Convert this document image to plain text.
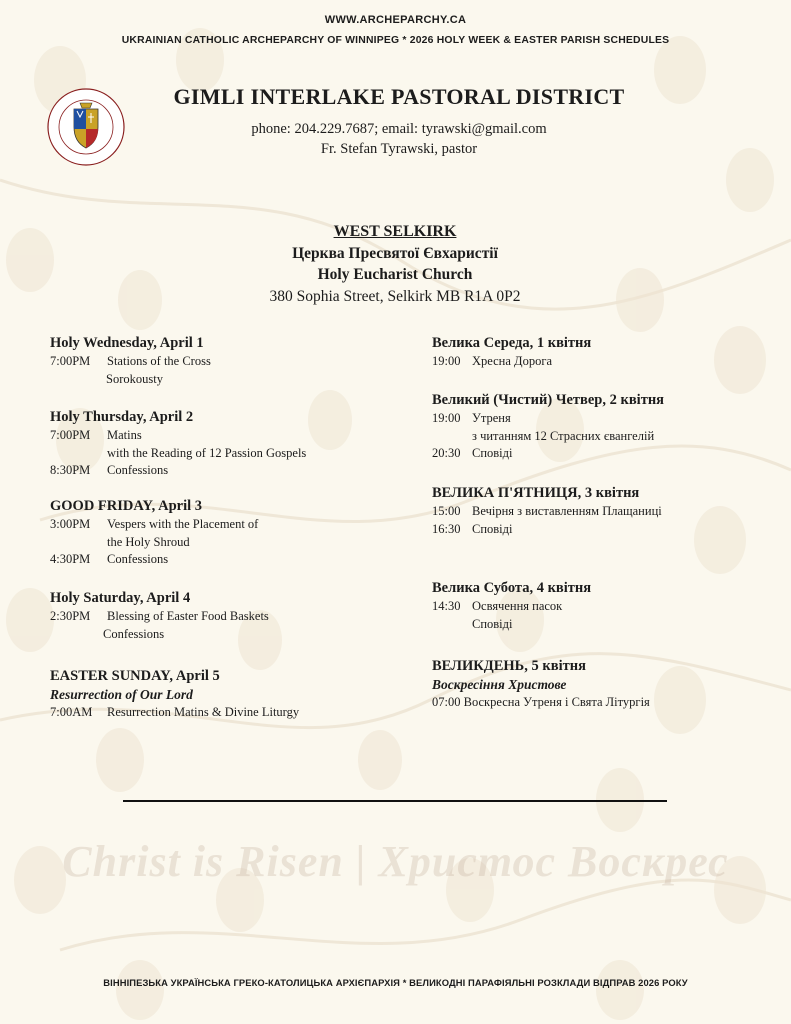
WWW.ARCHEPARCHY.CA
UKRAINIAN CATHOLIC ARCHEPARCHY OF WINNIPEG * 2026 HOLY WEEK & EASTER PARISH SCHEDULES
GIMLI INTERLAKE PASTORAL DISTRICT
phone: 204.229.7687; email: tyrawski@gmail.com
Fr. Stefan Tyrawski, pastor
WEST SELKIRK
Церква Пресвятої Євхаристії
Holy Eucharist Church
380 Sophia Street, Selkirk MB R1A 0P2
Holy Wednesday, April 1
7:00PM Stations of the Cross
Sorokousty
Holy Thursday, April 2
7:00PM Matins
with the Reading of 12 Passion Gospels
8:30PM Confessions
GOOD FRIDAY, April 3
3:00PM Vespers with the Placement of
the Holy Shroud
4:30PM Confessions
Holy Saturday, April 4
2:30PM Blessing of Easter Food Baskets
Confessions
EASTER SUNDAY, April 5
Resurrection of Our Lord
7:00AM Resurrection Matins & Divine Liturgy
Велика Середа, 1 квітня
19:00 Хресна Дорога
Великий (Чистий) Четвер, 2 квітня
19:00 Утреня
з читанням 12 Страсних євангелій
20:30 Сповіді
ВЕЛИКА П'ЯТНИЦЯ, 3 квітня
15:00 Вечірня з виставленням Плащаниці
16:30 Сповіді
Велика Субота, 4 квітня
14:30 Освячення пасок
Сповіді
ВЕЛИКДЕНЬ, 5 квітня
Воскресіння Христове
07:00 Воскресна Утреня і Свята Літургія
Christ is Risen | Христос Воскрес
ВІННІПЕЗЬКА УКРАЇНСЬКА ГРЕКО-КАТОЛИЦЬКА АРХІЄПАРХІЯ * ВЕЛИКОДНІ ПАРАФІЯЛЬНІ РОЗКЛАДИ ВІДПРАВ 2026 РОКУ
